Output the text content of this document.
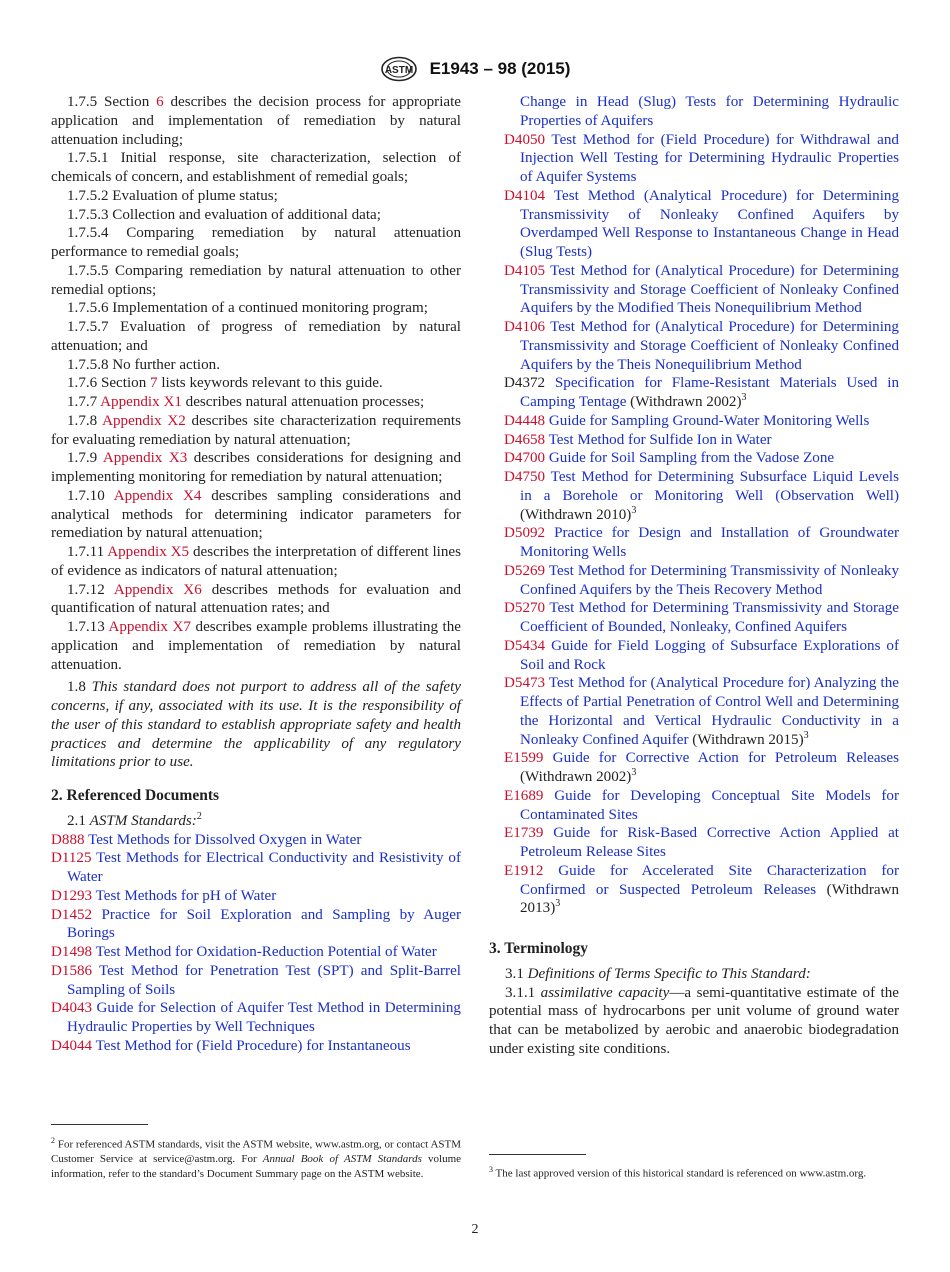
ASTM E1943 – 98 (2015)

1.7.5 Section 6 describes the decision process for appropriate application and implementation of remediation by natural attenuation including;

1.7.5.1 Initial response, site characterization, selection of chemicals of concern, and establishment of remedial goals;

1.7.5.2 Evaluation of plume status;

1.7.5.3 Collection and evaluation of additional data;

1.7.5.4 Comparing remediation by natural attenuation performance to remedial goals;

1.7.5.5 Comparing remediation by natural attenuation to other remedial options;

1.7.5.6 Implementation of a continued monitoring program;

1.7.5.7 Evaluation of progress of remediation by natural attenuation; and

1.7.5.8 No further action.

1.7.6 Section 7 lists keywords relevant to this guide.

1.7.7 Appendix X1 describes natural attenuation processes;

1.7.8 Appendix X2 describes site characterization requirements for evaluating remediation by natural attenuation;

1.7.9 Appendix X3 describes considerations for designing and implementing monitoring for remediation by natural attenuation;

1.7.10 Appendix X4 describes sampling considerations and analytical methods for determining indicator parameters for remediation by natural attenuation;

1.7.11 Appendix X5 describes the interpretation of different lines of evidence as indicators of natural attenuation;

1.7.12 Appendix X6 describes methods for evaluation and quantification of natural attenuation rates; and

1.7.13 Appendix X7 describes example problems illustrating the application and implementation of remediation by natural attenuation.

1.8 This standard does not purport to address all of the safety concerns, if any, associated with its use. It is the responsibility of the user of this standard to establish appropriate safety and health practices and determine the applicability of any regulatory limitations prior to use.

2. Referenced Documents

2.1 ASTM Standards:$^2$

D888 Test Methods for Dissolved Oxygen in Water

D1125 Test Methods for Electrical Conductivity and Resistivity of Water

D1293 Test Methods for pH of Water

D1452 Practice for Soil Exploration and Sampling by Auger Borings

D1498 Test Method for Oxidation-Reduction Potential of Water

D1586 Test Method for Penetration Test (SPT) and Split-Barrel Sampling of Soils

D4043 Guide for Selection of Aquifer Test Method in Determining Hydraulic Properties by Well Techniques

D4044 Test Method for (Field Procedure) for Instantaneous

$^2$ For referenced ASTM standards, visit the ASTM website, www.astm.org, or contact ASTM Customer Service at service@astm.org. For Annual Book of ASTM Standards volume information, refer to the standard’s Document Summary page on the ASTM website.

Change in Head (Slug) Tests for Determining Hydraulic Properties of Aquifers

D4050 Test Method for (Field Procedure) for Withdrawal and Injection Well Testing for Determining Hydraulic Properties of Aquifer Systems

D4104 Test Method (Analytical Procedure) for Determining Transmissivity of Nonleaky Confined Aquifers by Overdamped Well Response to Instantaneous Change in Head (Slug Tests)

D4105 Test Method for (Analytical Procedure) for Determining Transmissivity and Storage Coefficient of Nonleaky Confined Aquifers by the Modified Theis Nonequilibrium Method

D4106 Test Method for (Analytical Procedure) for Determining Transmissivity and Storage Coefficient of Nonleaky Confined Aquifers by the Theis Nonequilibrium Method

D4372 Specification for Flame-Resistant Materials Used in Camping Tentage (Withdrawn 2002)$^3$

D4448 Guide for Sampling Ground-Water Monitoring Wells

D4658 Test Method for Sulfide Ion in Water

D4700 Guide for Soil Sampling from the Vadose Zone

D4750 Test Method for Determining Subsurface Liquid Levels in a Borehole or Monitoring Well (Observation Well) (Withdrawn 2010)$^3$

D5092 Practice for Design and Installation of Groundwater Monitoring Wells

D5269 Test Method for Determining Transmissivity of Nonleaky Confined Aquifers by the Theis Recovery Method

D5270 Test Method for Determining Transmissivity and Storage Coefficient of Bounded, Nonleaky, Confined Aquifers

D5434 Guide for Field Logging of Subsurface Explorations of Soil and Rock

D5473 Test Method for (Analytical Procedure for) Analyzing the Effects of Partial Penetration of Control Well and Determining the Horizontal and Vertical Hydraulic Conductivity in a Nonleaky Confined Aquifer (Withdrawn 2015)$^3$

E1599 Guide for Corrective Action for Petroleum Releases (Withdrawn 2002)$^3$

E1689 Guide for Developing Conceptual Site Models for Contaminated Sites

E1739 Guide for Risk-Based Corrective Action Applied at Petroleum Release Sites

E1912 Guide for Accelerated Site Characterization for Confirmed or Suspected Petroleum Releases (Withdrawn 2013)$^3$

3. Terminology

3.1 Definitions of Terms Specific to This Standard:

3.1.1 assimilative capacity—a semi-quantitative estimate of the potential mass of hydrocarbons per unit volume of ground water that can be metabolized by aerobic and anaerobic biodegradation under existing site conditions.

$^3$ The last approved version of this historical standard is referenced on www.astm.org.
2
